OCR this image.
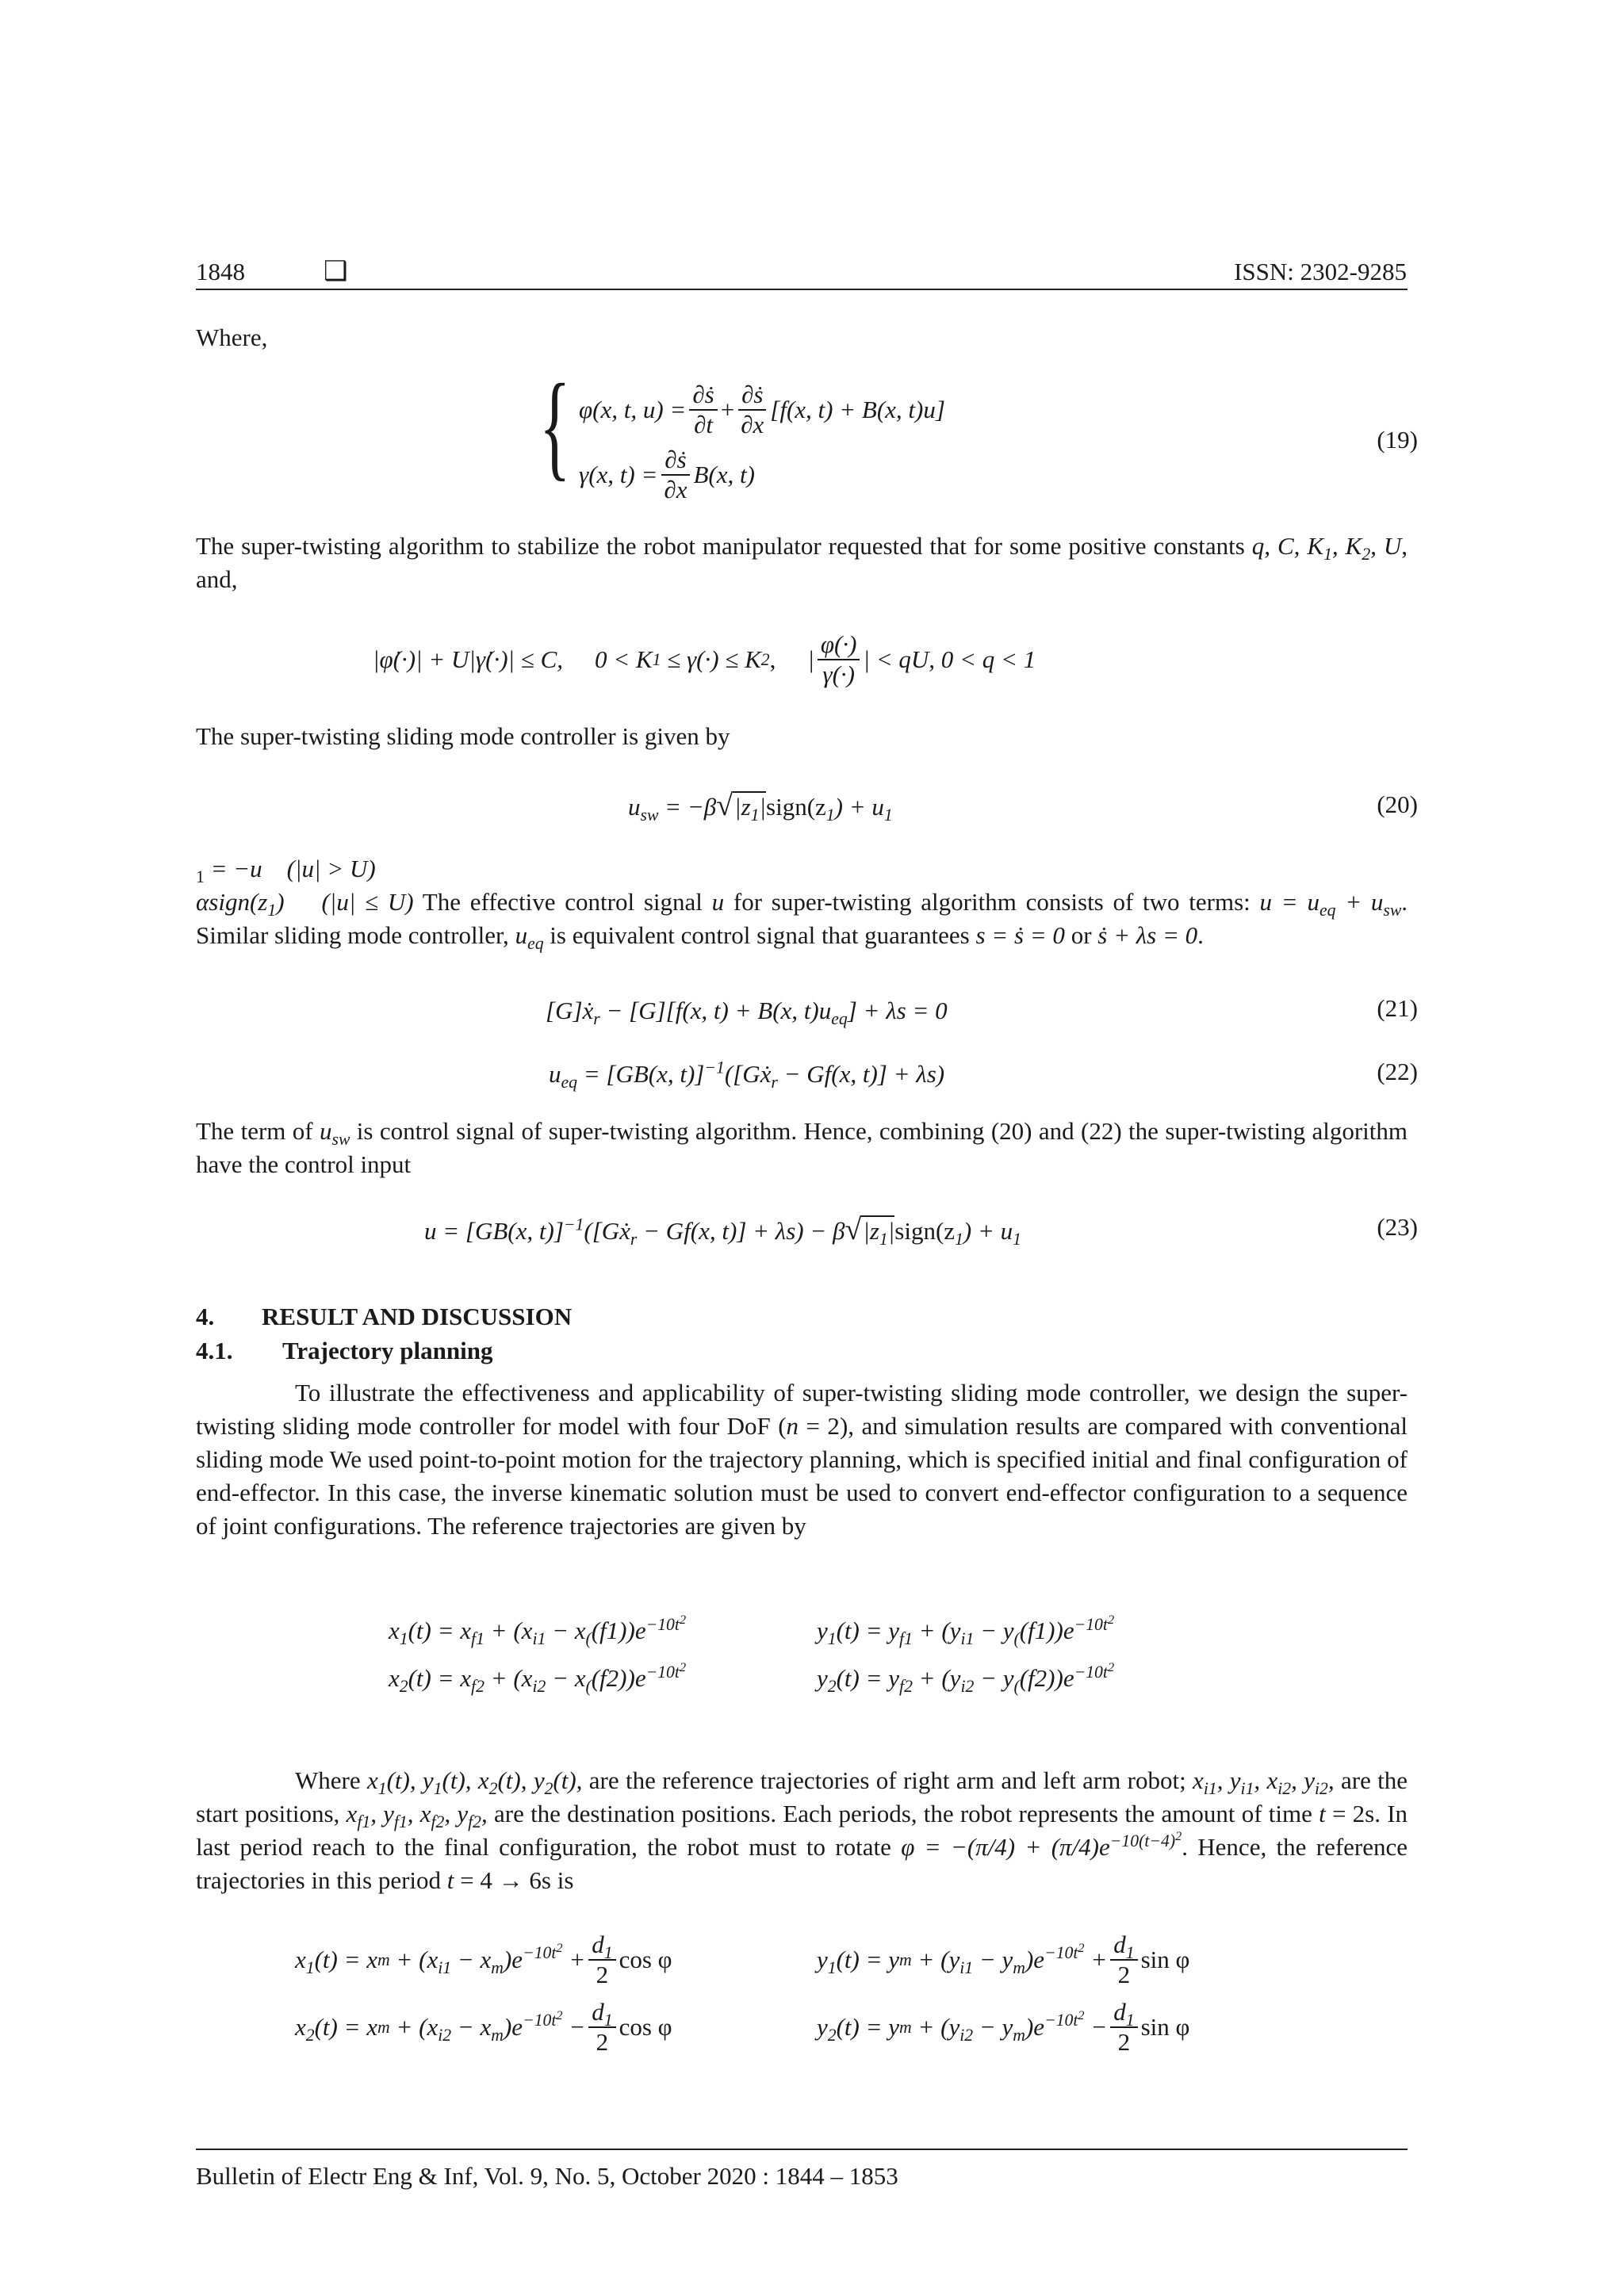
1848	❑	ISSN: 2302-9285
Where,
{ φ(x, t, $u) = \frac{\text{∂ṡ}}{\partial t} + \frac{\text{∂ṡ}}{\partial x} [f(x$, t) + B(x, t)u]
γ(x, $t) = \frac{\text{∂ṡ}}{\partial x} B(x$, t)
(19)
The super-twisting algorithm to stabilize the robot manipulator requested that for some positive constants q, C, $K_1$, $K_2$, U, and,
|φ̇(·)| + U|γ̇(·)| ≤ C, 0 < K 1
≤ γ(·) ≤ K 2 , | $\frac{\varphi(\cdot)}{\gamma(\cdot)}$ | < qU, 0 < q < 1
The super-twisting sliding mode controller is given by
$u_{sw}$ = $-\beta√|z_1|sign(z_1) + u_1$	(20)
$_1$ = −u    (|u| > U)
$\alpha sign(z_1)$    (|u| ≤ U) The effective control signal u for super-twisting algorithm consists of two terms: $u = u_{eq} + u_{sw}$. Similar sliding mode controller, $u_{eq}$ is equivalent control signal that guarantees s = ṡ = 0 or ṡ + λs = 0.
[G]ẋ$_r$ − [G][f(x, t) + B(x, $t)u_{eq}] + \lambda s = 0$	(21)
$u_{eq} = [GB(x$, t)]$^{-1}$([Gẋ$_r$ − Gf(x, t)] + λs)	(22)
The term of $u_{sw}$ is control signal of super-twisting algorithm. Hence, combining (20) and (22) the super-twisting algorithm have the control input
u = [GB(x, t)]$^{-1}$([Gẋ$_r$ − Gf(x, $t)] + \lambda s) - \beta√|z_1|sign(z_1) + u_1$	(23)
4. RESULT AND DISCUSSION
4.1. Trajectory planning
To illustrate the effectiveness and applicability of super-twisting sliding mode controller, we design the super-twisting sliding mode controller for model with four DoF (n = 2), and simulation results are compared with conventional sliding mode We used point-to-point motion for the trajectory planning, which is specified initial and final configuration of end-effector. In this case, the inverse kinematic solution must be used to convert end-effector configuration to a sequence of joint configurations. The reference trajectories are given by
$x_1(t) = x_{f1} + (x_{i1} - x_((f1))e^{-10t^2}$	$y_1(t) = y_{f1} + (y_{i1} - y_((f1))e^{-10t^2}$
$x_2(t) = x_{f2} + (x_{i2} - x_((f2))e^{-10t^2}$	$y_2(t) = y_{f2} + (y_{i2} - y_((f2))e^{-10t^2}$
Where $x_1(t)$, $y_1(t)$, $x_2(t)$, $y_2(t)$, are the reference trajectories of right arm and left arm robot; $x_{i1}$, $y_{i1}$, $x_{i2}$, $y_{i2}$, are the start positions, $x_{f1}$, $y_{f1}$, $x_{f2}$, $y_{f2}$, are the destination positions. Each periods, the robot represents the amount of time t = 2s. In last period reach to the final configuration, the robot must to rotate $\varphi = -(\pi/4) + (\pi/4)e^{-10(t-4)^2}$. Hence, the reference trajectories in this period t = 4 → 6s is
$x_1$ (t) = x $m + (x_{i1} - x_m)e^{-10t^2} + \frac{d_1}{2}$ cos φ	$y_1$ (t) = y $m + (y_{i1} - y_m)e^{-10t^2} + \frac{d_1}{2}$ sin φ
$x_2$ (t) = x $m + (x_{i2} - x_m)e^{-10t^2} - \frac{d_1}{2}$ cos φ	$y_2$ (t) = y $m + (y_{i2} - y_m)e^{-10t^2} - \frac{d_1}{2}$ sin φ
Bulletin of Electr Eng & Inf, Vol. 9, No. 5, October 2020 : 1844 – 1853
